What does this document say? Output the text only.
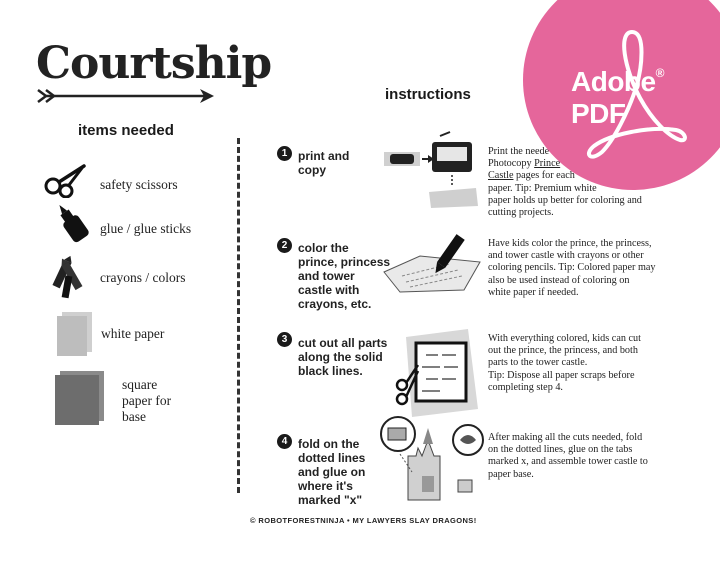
Courtship
items needed
safety scissors
glue / glue sticks
crayons / colors
white paper
square
paper for
base
instructions
1 print and
copy
Print the neede
Photocopy Prince
Castle pages for each
paper. Tip: Premium white
paper holds up better for coloring and
cutting projects.
2 color the
prince, princess
and tower
castle with
crayons, etc.
Have kids color the prince, the princess,
and tower castle with crayons or other
coloring pencils. Tip: Colored paper may
also be used instead of coloring on
white paper if needed.
3 cut out all parts
along the solid
black lines.
With everything colored, kids can cut
out the prince, the princess, and both
parts to the tower castle.
Tip: Dispose all paper scraps before
completing step 4.
4 fold on the
dotted lines
and glue on
where it's
marked "x"
After making all the cuts needed, fold
on the dotted lines, glue on the tabs
marked x, and assemble tower castle to
paper base.
© ROBOTFORESTNINJA • MY LAWYERS SLAY DRAGONS!
Adobe® PDF
